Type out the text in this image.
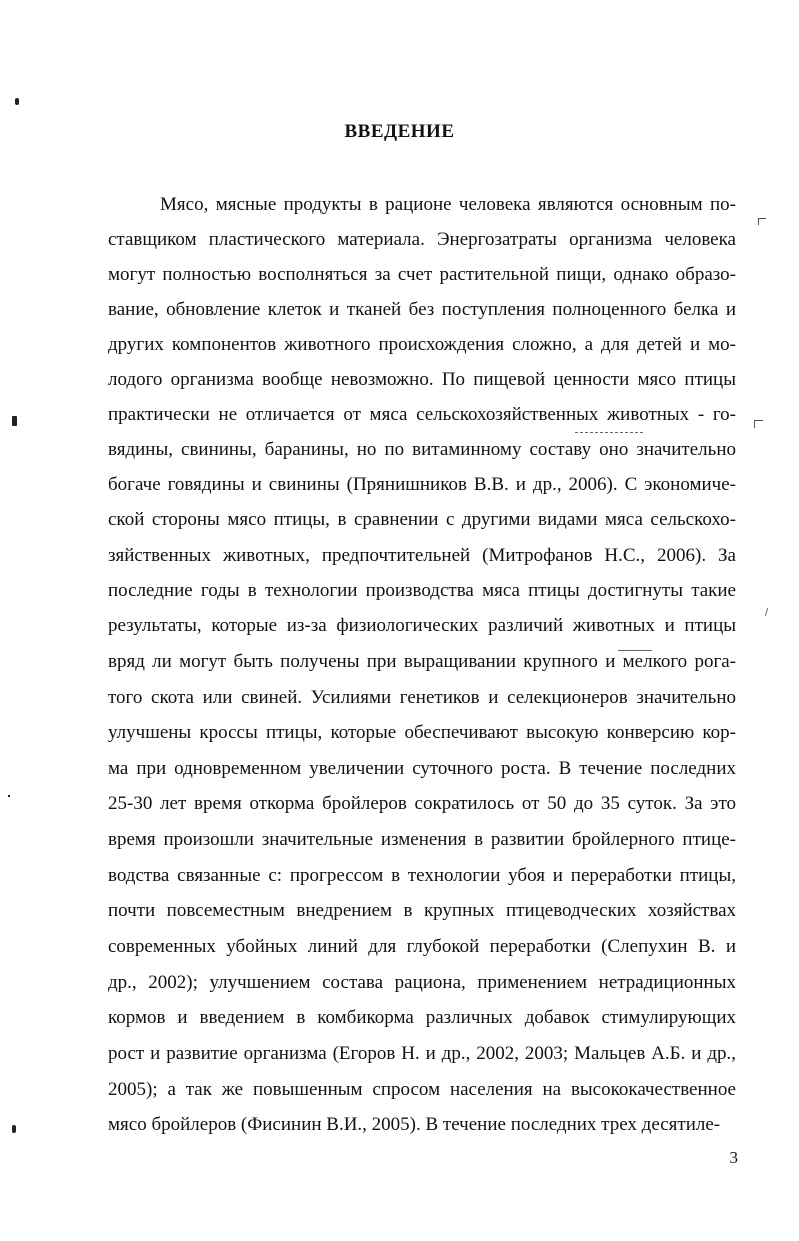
ВВЕДЕНИЕ
Мясо, мясные продукты в рационе человека являются основным по-
ставщиком пластического материала. Энергозатраты организма человека
могут полностью восполняться за счет растительной пищи, однако образо-
вание, обновление клеток и тканей без поступления полноценного белка и
других компонентов животного происхождения сложно, а для детей и мо-
лодого организма вообще невозможно. По пищевой ценности мясо птицы
практически не отличается от мяса сельскохозяйственных животных - го-
вядины, свинины, баранины, но по витаминному составу оно значительно
богаче говядины и свинины (Прянишников В.В. и др., 2006). С экономиче-
ской стороны мясо птицы, в сравнении с другими видами мяса сельскохо-
зяйственных животных, предпочтительней (Митрофанов Н.С., 2006). За
последние годы в технологии производства мяса птицы достигнуты такие
результаты, которые из-за физиологических различий животных и птицы
вряд ли могут быть получены при выращивании крупного и мелкого рога-
того скота или свиней. Усилиями генетиков и селекционеров значительно
улучшены кроссы птицы, которые обеспечивают высокую конверсию кор-
ма при одновременном увеличении суточного роста. В течение последних
25-30 лет время откорма бройлеров сократилось от 50 до 35 суток. За это
время произошли значительные изменения в развитии бройлерного птице-
водства связанные с: прогрессом в технологии убоя и переработки птицы,
почти повсеместным внедрением в крупных птицеводческих хозяйствах
современных убойных линий для глубокой переработки (Слепухин В. и
др., 2002); улучшением состава рациона, применением нетрадиционных
кормов и введением в комбикорма различных добавок стимулирующих
рост и развитие организма (Егоров Н. и др., 2002, 2003; Мальцев А.Б. и др.,
2005); а так же повышенным спросом населения на высококачественное
мясо бройлеров (Фисинин В.И., 2005). В течение последних трех десятиле-
3
